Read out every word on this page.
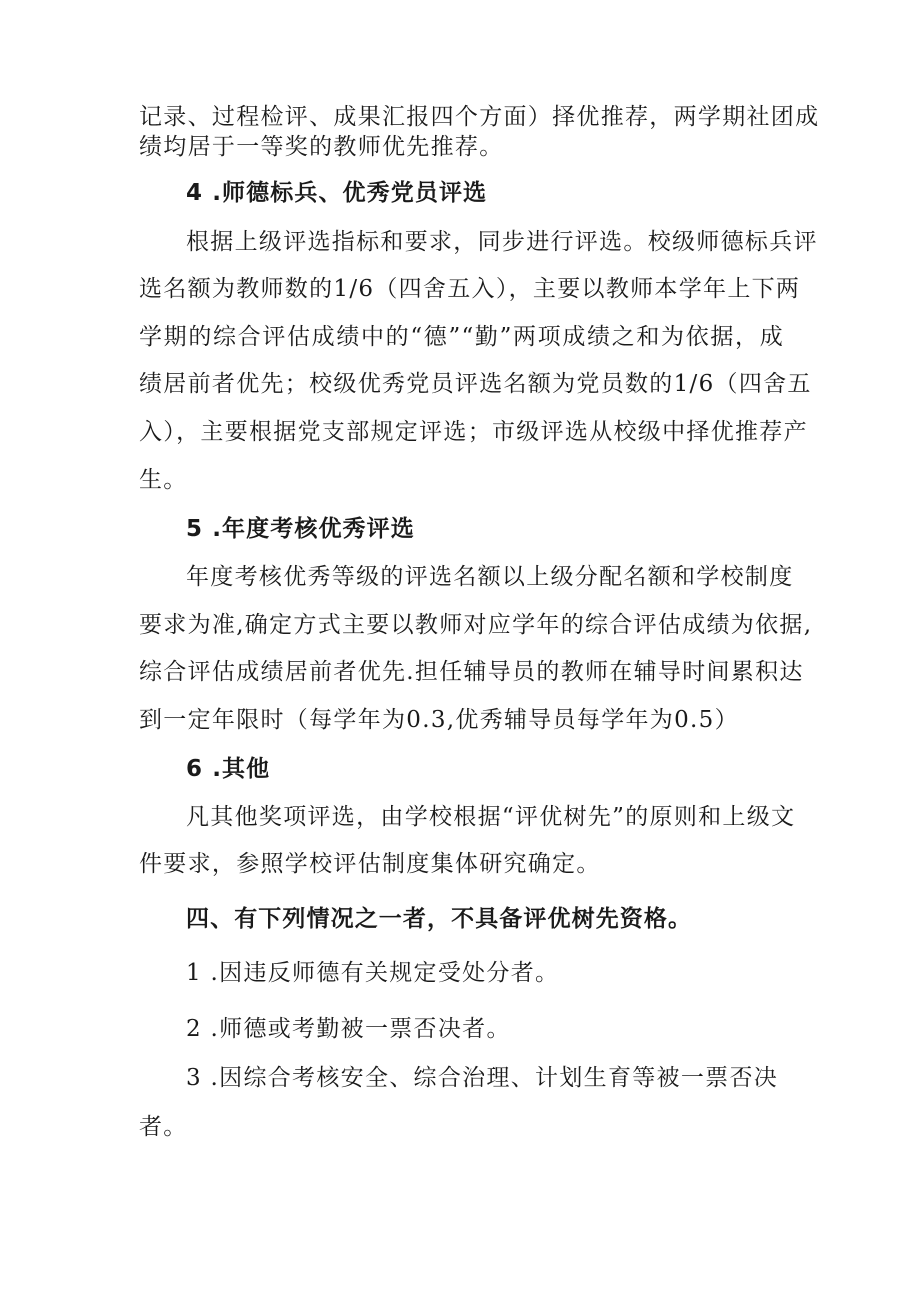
记录、过程检评、成果汇报四个方面）择优推荐，两学期社团成
绩均居于一等奖的教师优先推荐。
4 .师德标兵、优秀党员评选
根据上级评选指标和要求，同步进行评选。校级师德标兵评
选名额为教师数的1/6（四舍五入），主要以教师本学年上下两
学期的综合评估成绩中的“德”“勤”两项成绩之和为依据，成
绩居前者优先；校级优秀党员评选名额为党员数的1/6（四舍五
入），主要根据党支部规定评选；市级评选从校级中择优推荐产
生。
5 .年度考核优秀评选
年度考核优秀等级的评选名额以上级分配名额和学校制度
要求为准,确定方式主要以教师对应学年的综合评估成绩为依据,
综合评估成绩居前者优先.担任辅导员的教师在辅导时间累积达
到一定年限时（每学年为0.3,优秀辅导员每学年为0.5）
6 .其他
凡其他奖项评选，由学校根据“评优树先”的原则和上级文
件要求，参照学校评估制度集体研究确定。
四、有下列情况之一者，不具备评优树先资格。
1 .因违反师德有关规定受处分者。
2 .师德或考勤被一票否决者。
3 .因综合考核安全、综合治理、计划生育等被一票否决
者。
